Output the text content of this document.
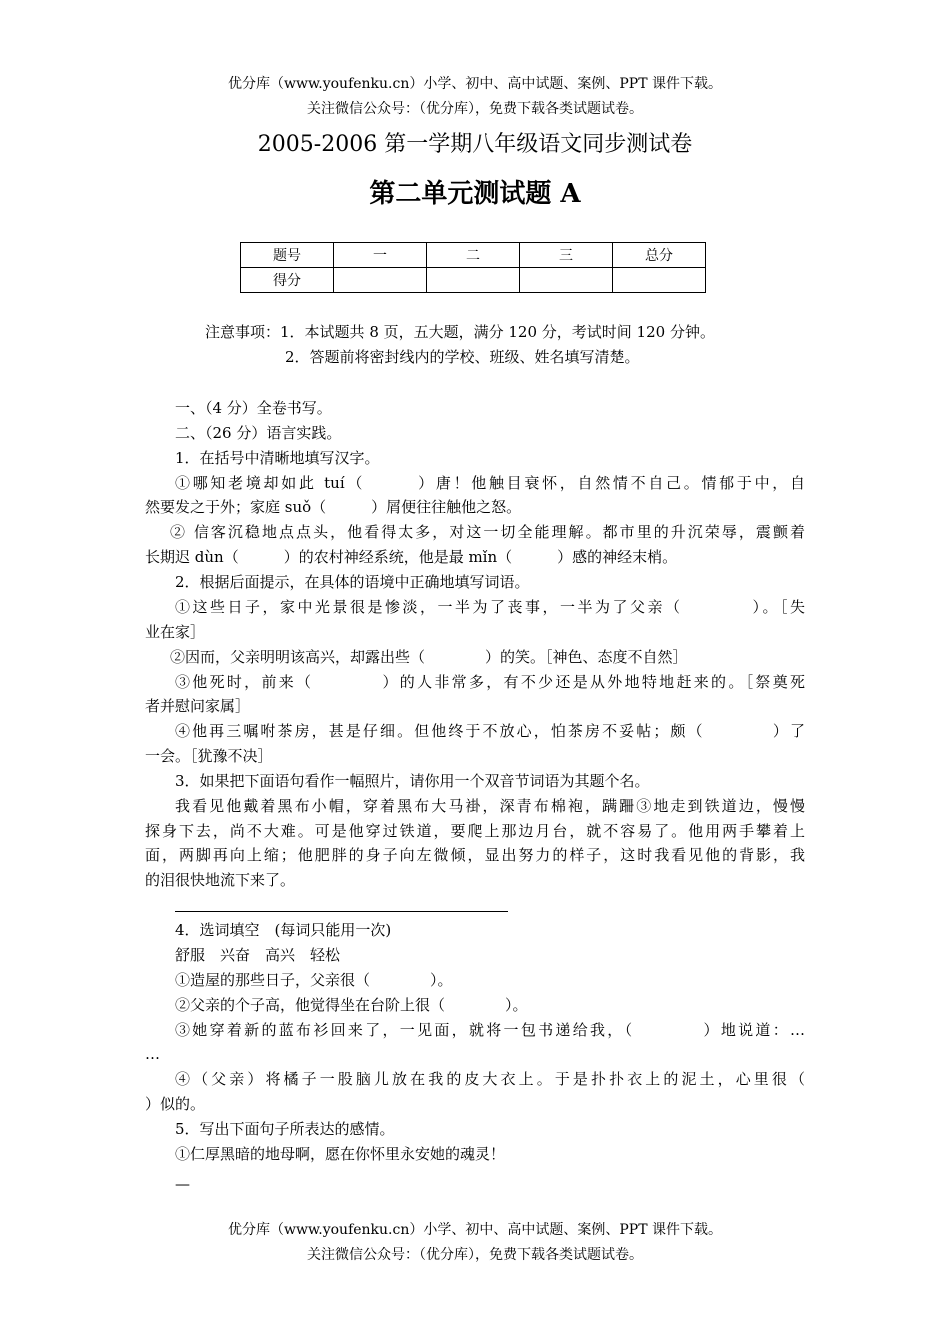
优分库（www.youfenku.cn）小学、初中、高中试题、案例、PPT 课件下载。
关注微信公众号：（优分库），免费下载各类试题试卷。
2005-2006 第一学期八年级语文同步测试卷
第二单元测试题 A
题号	一	二	三	总分
得分				
注意事项：1．本试题共 8 页，五大题，满分 120 分，考试时间 120 分钟。
2．答题前将密封线内的学校、班级、姓名填写清楚。
一、（4 分）全卷书写。
二、（26 分）语言实践。
1．在括号中清晰地填写汉字。
①哪知老境却如此 tuí（　　　）唐！他触目衰怀，自然情不自己。情郁于中，自
然要发之于外；家庭 suǒ（　　　）屑便往往触他之怒。
② 信客沉稳地点点头，他看得太多，对这一切全能理解。都市里的升沉荣辱，震颤着
长期迟 dùn（　　　）的农村神经系统，他是最 mǐn（　　　）感的神经末梢。
2．根据后面提示，在具体的语境中正确地填写词语。
①这些日子，家中光景很是惨淡，一半为了丧事，一半为了父亲（　　　　）。［失
业在家］
②因而，父亲明明该高兴，却露出些（　　　　）的笑。［神色、态度不自然］
③他死时，前来（　　　　）的人非常多，有不少还是从外地特地赶来的。［祭奠死
者并慰问家属］
④他再三嘱咐茶房，甚是仔细。但他终于不放心，怕茶房不妥帖；颇（　　　　）了
一会。［犹豫不决］
3．如果把下面语句看作一幅照片，请你用一个双音节词语为其题个名。
我看见他戴着黑布小帽，穿着黑布大马褂，深青布棉袍，蹒跚③地走到铁道边，慢慢
探身下去，尚不大难。可是他穿过铁道，要爬上那边月台，就不容易了。他用两手攀着上
面，两脚再向上缩；他肥胖的身子向左微倾，显出努力的样子，这时我看见他的背影，我
的泪很快地流下来了。
4．选词填空　(每词只能用一次)
舒服　兴奋　高兴　轻松
①造屋的那些日子，父亲很（　　　　）。
②父亲的个子高，他觉得坐在台阶上很（　　　　）。
③她穿着新的蓝布衫回来了，一见面，就将一包书递给我，（　　　　）地说道：…
…
④（父亲）将橘子一股脑儿放在我的皮大衣上。于是扑扑衣上的泥土，心里很（
）似的。
5．写出下面句子所表达的感情。
①仁厚黑暗的地母啊，愿在你怀里永安她的魂灵！
—
优分库（www.youfenku.cn）小学、初中、高中试题、案例、PPT 课件下载。
关注微信公众号：（优分库），免费下载各类试题试卷。
